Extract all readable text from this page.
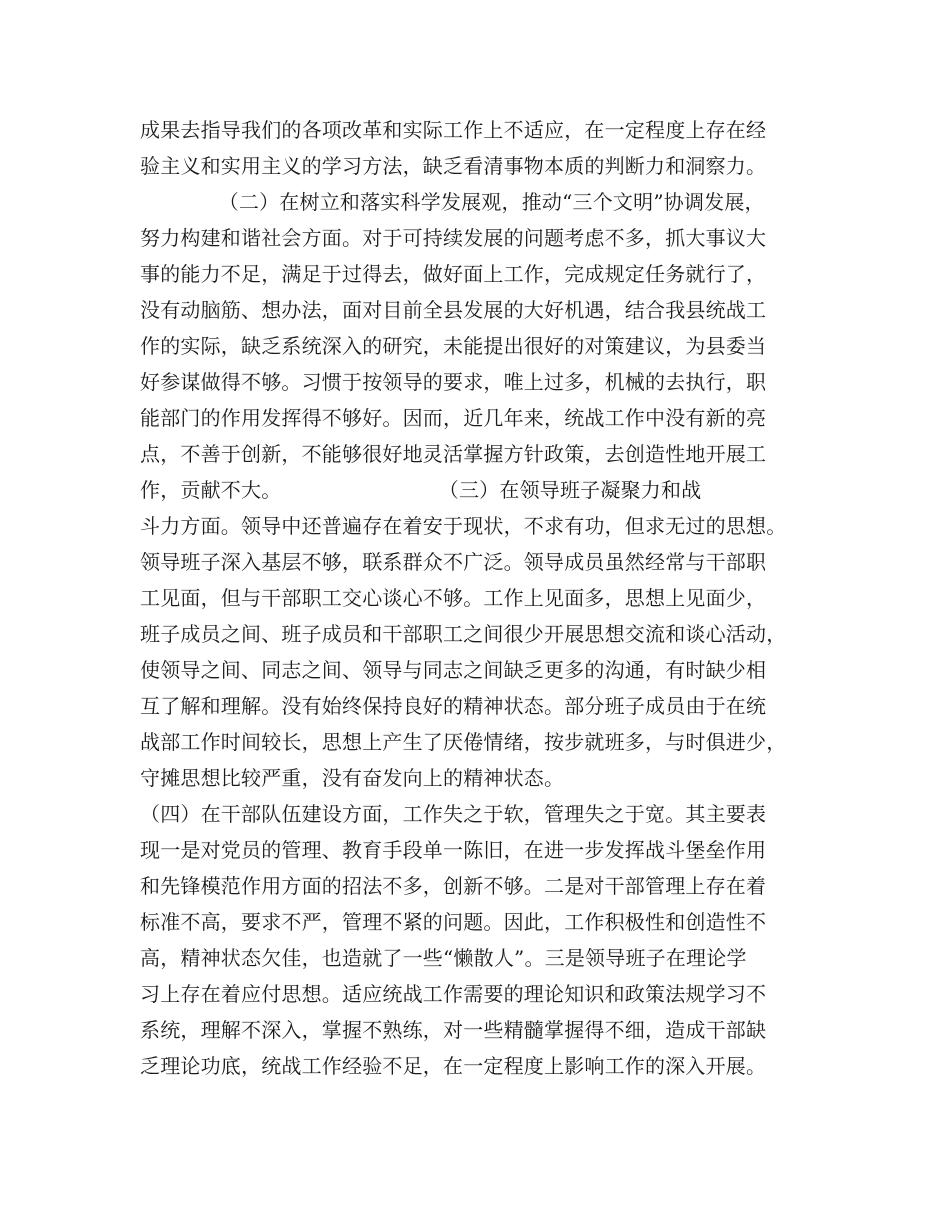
成果去指导我们的各项改革和实际工作上不适应，在一定程度上存在经
验主义和实用主义的学习方法，缺乏看清事物本质的判断力和洞察力。
（二）在树立和落实科学发展观，推动“三个文明”协调发展，
努力构建和谐社会方面。对于可持续发展的问题考虑不多，抓大事议大
事的能力不足，满足于过得去，做好面上工作，完成规定任务就行了，
没有动脑筋、想办法，面对目前全县发展的大好机遇，结合我县统战工
作的实际，缺乏系统深入的研究，未能提出很好的对策建议，为县委当
好参谋做得不够。习惯于按领导的要求，唯上过多，机械的去执行，职
能部门的作用发挥得不够好。因而，近几年来，统战工作中没有新的亮
点，不善于创新，不能够很好地灵活掌握方针政策，去创造性地开展工
作，贡献不大。                        （三）在领导班子凝聚力和战
斗力方面。领导中还普遍存在着安于现状，不求有功，但求无过的思想。
领导班子深入基层不够，联系群众不广泛。领导成员虽然经常与干部职
工见面，但与干部职工交心谈心不够。工作上见面多，思想上见面少，
班子成员之间、班子成员和干部职工之间很少开展思想交流和谈心活动，
使领导之间、同志之间、领导与同志之间缺乏更多的沟通，有时缺少相
互了解和理解。没有始终保持良好的精神状态。部分班子成员由于在统
战部工作时间较长，思想上产生了厌倦情绪，按步就班多，与时俱进少，
守摊思想比较严重，没有奋发向上的精神状态。
（四）在干部队伍建设方面，工作失之于软，管理失之于宽。其主要表
现一是对党员的管理、教育手段单一陈旧，在进一步发挥战斗堡垒作用
和先锋模范作用方面的招法不多，创新不够。二是对干部管理上存在着
标准不高，要求不严，管理不紧的问题。因此，工作积极性和创造性不
高，精神状态欠佳，也造就了一些“懒散人”。三是领导班子在理论学
习上存在着应付思想。适应统战工作需要的理论知识和政策法规学习不
系统，理解不深入，掌握不熟练，对一些精髓掌握得不细，造成干部缺
乏理论功底，统战工作经验不足，在一定程度上影响工作的深入开展。
